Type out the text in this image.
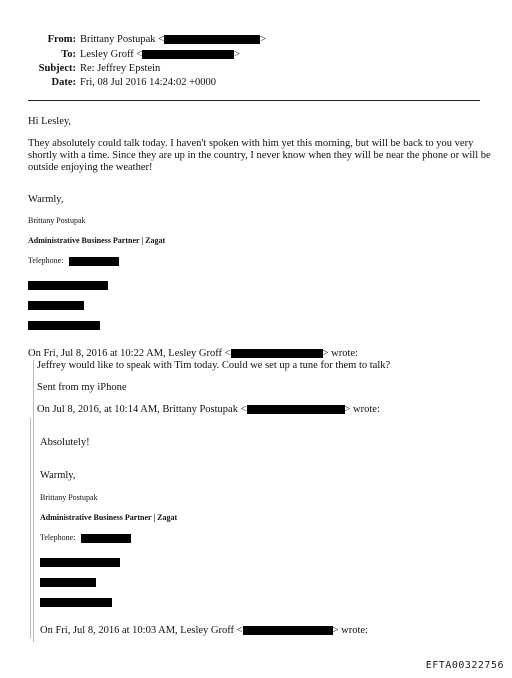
From: Brittany Postupak <	>
To: Lesley Groff <	>
Subject: Re: Jeffrey Epstein
Date: Fri, 08 Jul 2016 14:24:02 +0000
Hi Lesley,
They absolutely could talk today. I haven't spoken with him yet this morning, but will be back to you very
shortly with a time. Since they are up in the country, I never know when they will be near the phone or will be
outside enjoying the weather!
Warmly,
Brittany Postupak
Administrative Business Partner | Zagat
Telephone:
On Fri, Jul 8, 2016 at 10:22 AM, Lesley Groff <	> wrote:
Jeffrey would like to speak with Tim today. Could we set up a tune for them to talk?
Sent from my iPhone
On Jul 8, 2016, at 10:14 AM, Brittany Postupak <	> wrote:
Absolutely!
Warmly,
Brittany Postupak
Administrative Business Partner | Zagat
Telephone:
On Fri, Jul 8, 2016 at 10:03 AM, Lesley Groff <	> wrote:
EFTA00322756
